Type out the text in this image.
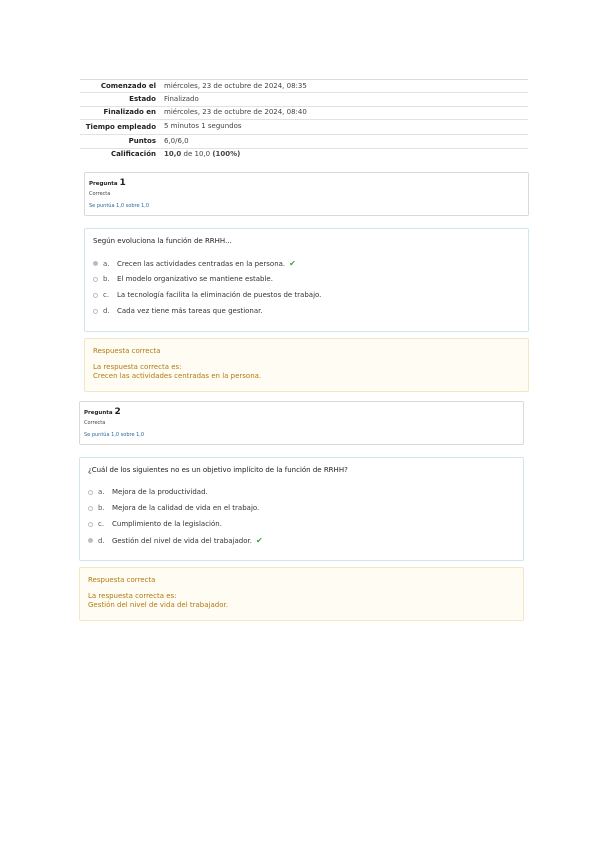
Comenzado el	miércoles, 23 de octubre de 2024, 08:35
Estado	Finalizado
Finalizado en	miércoles, 23 de octubre de 2024, 08:40
Tiempo empleado	5 minutos 1 segundos
Puntos	6,0/6,0
Calificación	10,0 de 10,0 (100%)
Pregunta 1
Correcta
Se puntúa 1,0 sobre 1,0
Según evoluciona la función de RRHH...
a.	Crecen las actividades centradas en la persona. ✔
b.	El modelo organizativo se mantiene estable.
c.	La tecnología facilita la eliminación de puestos de trabajo.
d.	Cada vez tiene más tareas que gestionar.
Respuesta correcta
La respuesta correcta es:
Crecen las actividades centradas en la persona.
Pregunta 2
Correcta
Se puntúa 1,0 sobre 1,0
¿Cuál de los siguientes no es un objetivo implícito de la función de RRHH?
a.	Mejora de la productividad.
b.	Mejora de la calidad de vida en el trabajo.
c.	Cumplimiento de la legislación.
d.	Gestión del nivel de vida del trabajador. ✔
Respuesta correcta
La respuesta correcta es:
Gestión del nivel de vida del trabajador.
